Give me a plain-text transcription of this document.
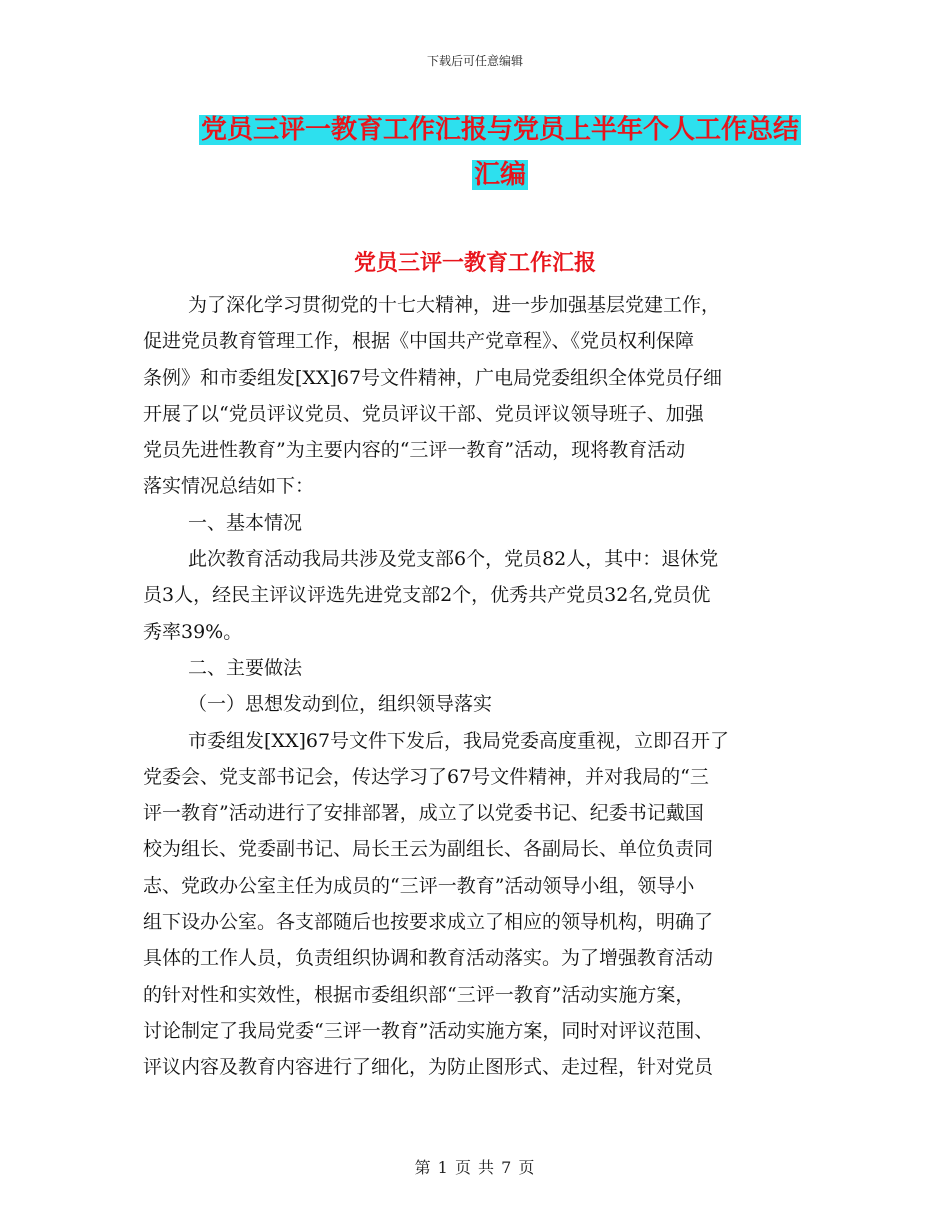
下载后可任意编辑
党员三评一教育工作汇报与党员上半年个人工作总结
汇编
党员三评一教育工作汇报
为了深化学习贯彻党的十七大精神，进一步加强基层党建工作，
促进党员教育管理工作，根据《中国共产党章程》、《党员权利保障
条例》和市委组发[XX]67号文件精神，广电局党委组织全体党员仔细
开展了以“党员评议党员、党员评议干部、党员评议领导班子、加强
党员先进性教育”为主要内容的“三评一教育”活动，现将教育活动
落实情况总结如下：
一、基本情况
此次教育活动我局共涉及党支部6个，党员82人，其中：退休党
员3人，经民主评议评选先进党支部2个，优秀共产党员32名,党员优
秀率39%。
二、主要做法
（一）思想发动到位，组织领导落实
市委组发[XX]67号文件下发后，我局党委高度重视，立即召开了
党委会、党支部书记会，传达学习了67号文件精神，并对我局的“三
评一教育”活动进行了安排部署，成立了以党委书记、纪委书记戴国
校为组长、党委副书记、局长王云为副组长、各副局长、单位负责同
志、党政办公室主任为成员的“三评一教育”活动领导小组，领导小
组下设办公室。各支部随后也按要求成立了相应的领导机构，明确了
具体的工作人员，负责组织协调和教育活动落实。为了增强教育活动
的针对性和实效性，根据市委组织部“三评一教育”活动实施方案，
讨论制定了我局党委“三评一教育”活动实施方案，同时对评议范围、
评议内容及教育内容进行了细化，为防止图形式、走过程，针对党员
第 1 页 共 7 页
